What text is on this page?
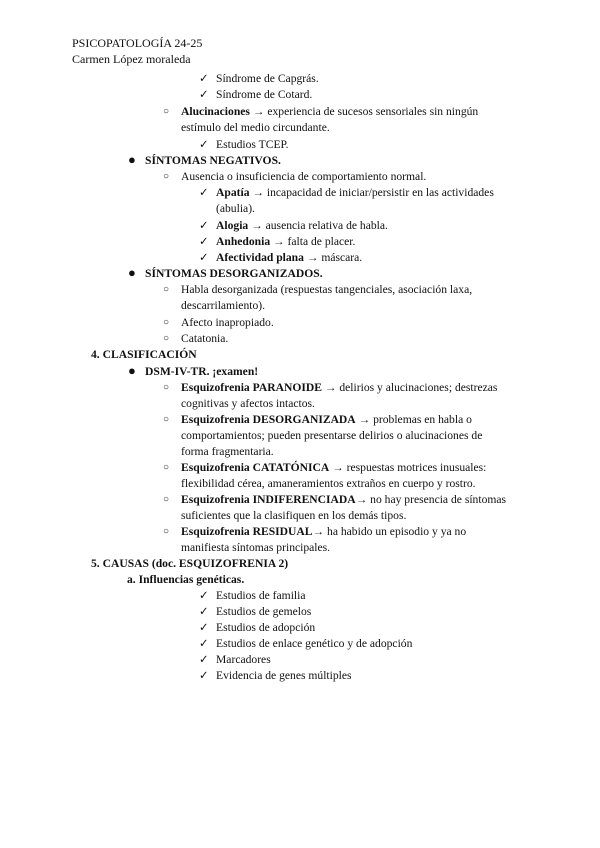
PSICOPATOLOGÍA 24-25
Carmen López moraleda
✓ Síndrome de Capgrás.
✓ Síndrome de Cotard.
○ Alucinaciones → experiencia de sucesos sensoriales sin ningún
estímulo del medio circundante.
✓ Estudios TCEP.
● SÍNTOMAS NEGATIVOS.
○ Ausencia o insuficiencia de comportamiento normal.
✓ Apatía → incapacidad de iniciar/persistir en las actividades
(abulia).
✓ Alogia → ausencia relativa de habla.
✓ Anhedonia → falta de placer.
✓ Afectividad plana → máscara.
● SÍNTOMAS DESORGANIZADOS.
○ Habla desorganizada (respuestas tangenciales, asociación laxa,
descarrilamiento).
○ Afecto inapropiado.
○ Catatonia.
4. CLASIFICACIÓN
● DSM-IV-TR. ¡examen!
○ Esquizofrenia PARANOIDE → delirios y alucinaciones; destrezas
cognitivas y afectos intactos.
○ Esquizofrenia DESORGANIZADA → problemas en habla o
comportamientos; pueden presentarse delirios o alucinaciones de
forma fragmentaria.
○ Esquizofrenia CATATÓNICA → respuestas motrices inusuales:
flexibilidad cérea, amaneramientos extraños en cuerpo y rostro.
○ Esquizofrenia INDIFERENCIADA→ no hay presencia de síntomas
suficientes que la clasifiquen en los demás tipos.
○ Esquizofrenia RESIDUAL→ ha habido un episodio y ya no
manifiesta síntomas principales.
5. CAUSAS (doc. ESQUIZOFRENIA 2)
a. Influencias genéticas.
✓ Estudios de familia
✓ Estudios de gemelos
✓ Estudios de adopción
✓ Estudios de enlace genético y de adopción
✓ Marcadores
✓ Evidencia de genes múltiples
